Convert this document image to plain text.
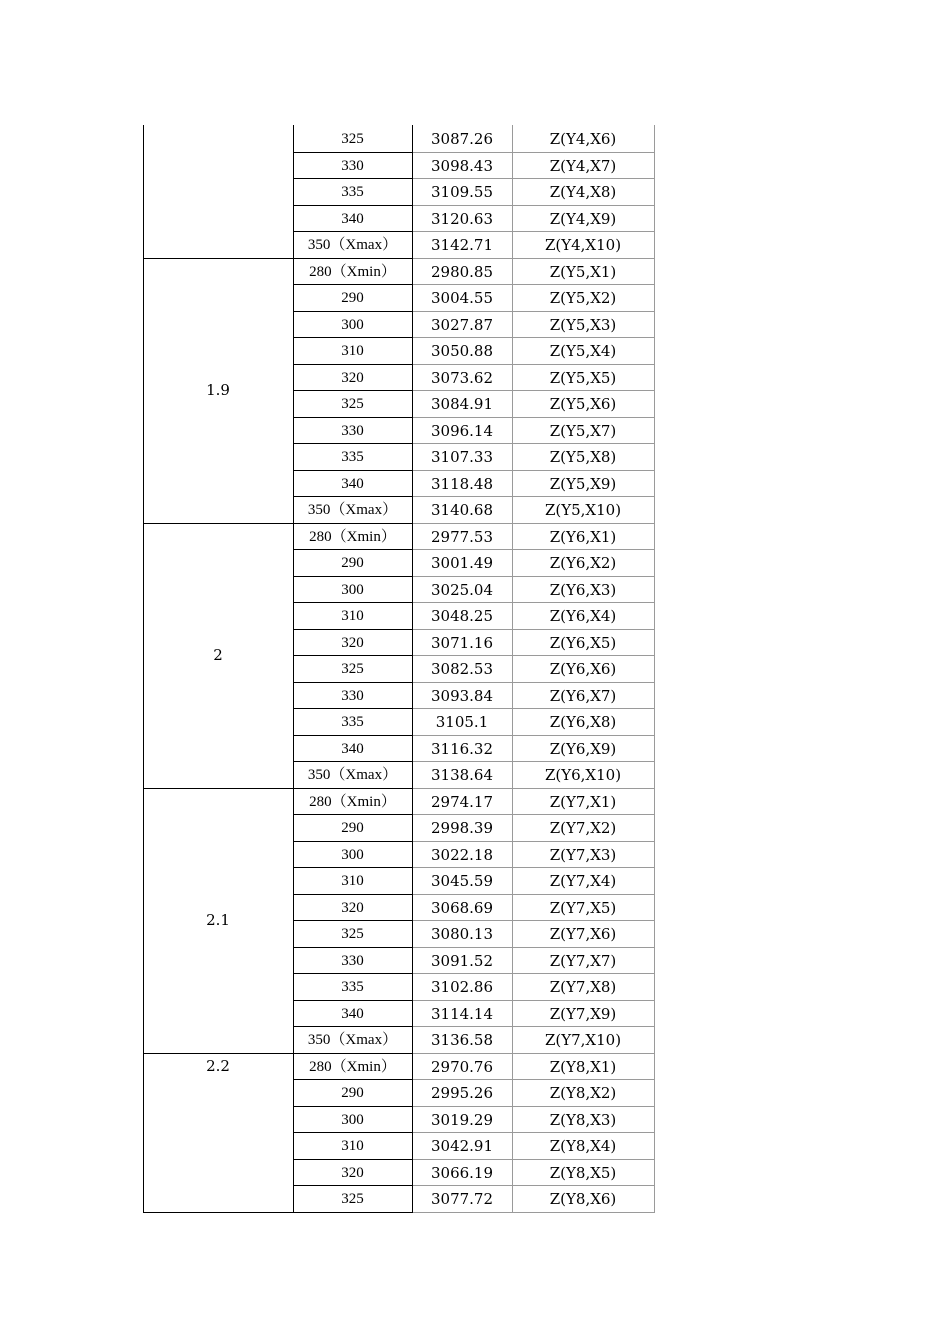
325	3087.26	Z(Y4,X6)
330	3098.43	Z(Y4,X7)
335	3109.55	Z(Y4,X8)
340	3120.63	Z(Y4,X9)
350（Xmax）	3142.71	Z(Y4,X10)
1.9
280（Xmin）	2980.85	Z(Y5,X1)
290	3004.55	Z(Y5,X2)
300	3027.87	Z(Y5,X3)
310	3050.88	Z(Y5,X4)
320	3073.62	Z(Y5,X5)
325	3084.91	Z(Y5,X6)
330	3096.14	Z(Y5,X7)
335	3107.33	Z(Y5,X8)
340	3118.48	Z(Y5,X9)
350（Xmax）	3140.68	Z(Y5,X10)
2
280（Xmin）	2977.53	Z(Y6,X1)
290	3001.49	Z(Y6,X2)
300	3025.04	Z(Y6,X3)
310	3048.25	Z(Y6,X4)
320	3071.16	Z(Y6,X5)
325	3082.53	Z(Y6,X6)
330	3093.84	Z(Y6,X7)
335	3105.1	Z(Y6,X8)
340	3116.32	Z(Y6,X9)
350（Xmax）	3138.64	Z(Y6,X10)
2.1
280（Xmin）	2974.17	Z(Y7,X1)
290	2998.39	Z(Y7,X2)
300	3022.18	Z(Y7,X3)
310	3045.59	Z(Y7,X4)
320	3068.69	Z(Y7,X5)
325	3080.13	Z(Y7,X6)
330	3091.52	Z(Y7,X7)
335	3102.86	Z(Y7,X8)
340	3114.14	Z(Y7,X9)
350（Xmax）	3136.58	Z(Y7,X10)
2.2	280（Xmin）	2970.76	Z(Y8,X1)
290	2995.26	Z(Y8,X2)
300	3019.29	Z(Y8,X3)
310	3042.91	Z(Y8,X4)
320	3066.19	Z(Y8,X5)
325	3077.72	Z(Y8,X6)
